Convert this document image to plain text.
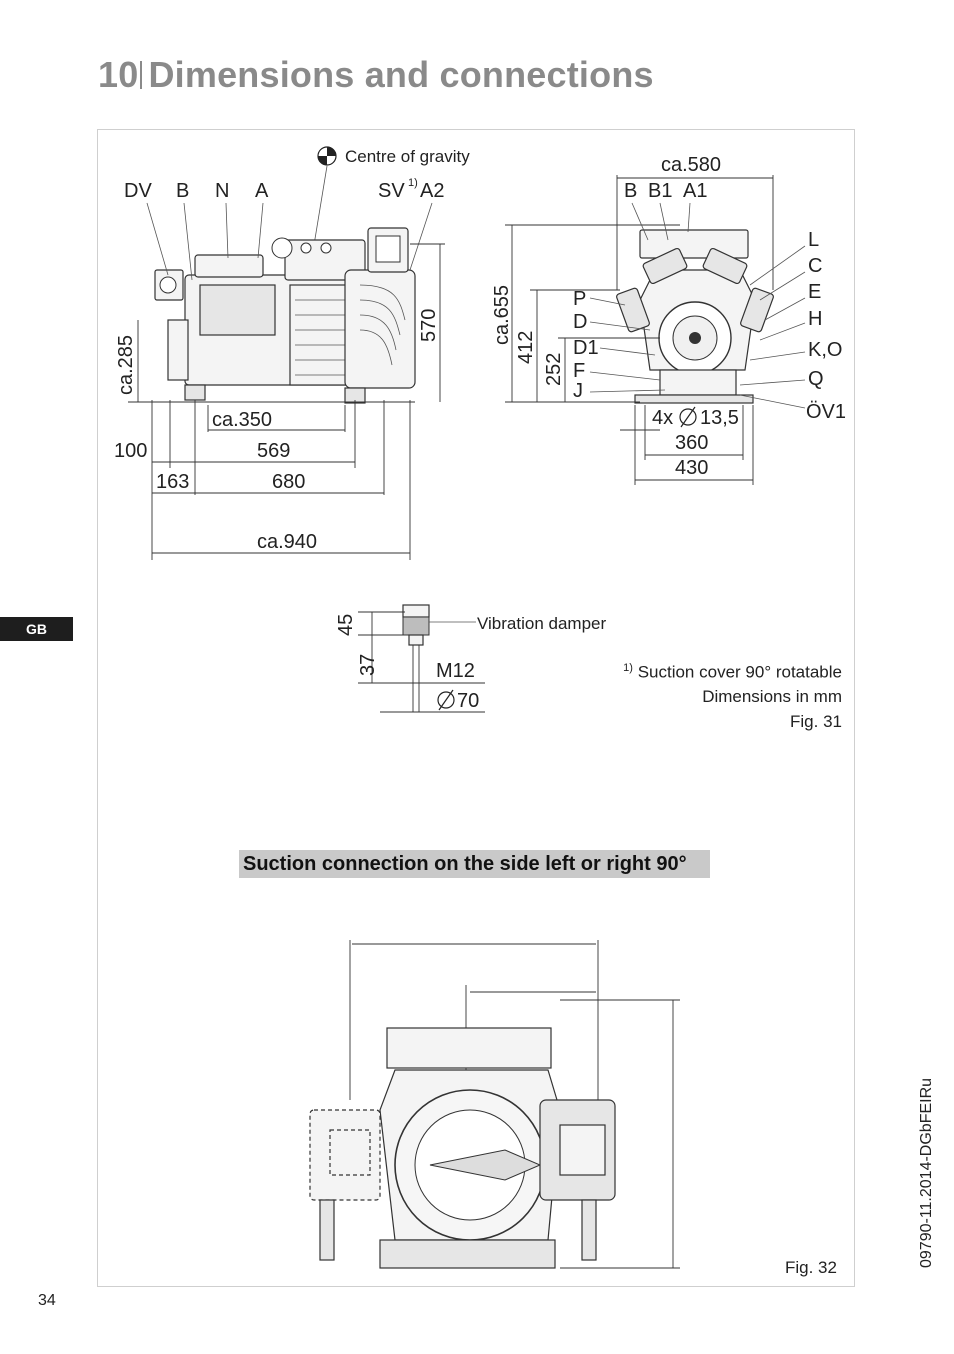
10 Dimensions and connections
GB
34
09790-11.2014-DGbFEIRu
Centre of gravity
DV B N A	SV 1) A2
ca.285
570
ca.350
100	569
163	680
ca.940
ca.580
B B1 A1
P
D
D1
F
J
L
C
E
H
K,O
Q
ÖV1
ca.655
412
252
4x 13,5
360
430
Vibration damper
45
37	M12
70
$^{1)}$ Suction cover 90° rotatable
Dimensions in mm
Fig. 31
Suction connection on the side left or right 90°
Fig. 32
